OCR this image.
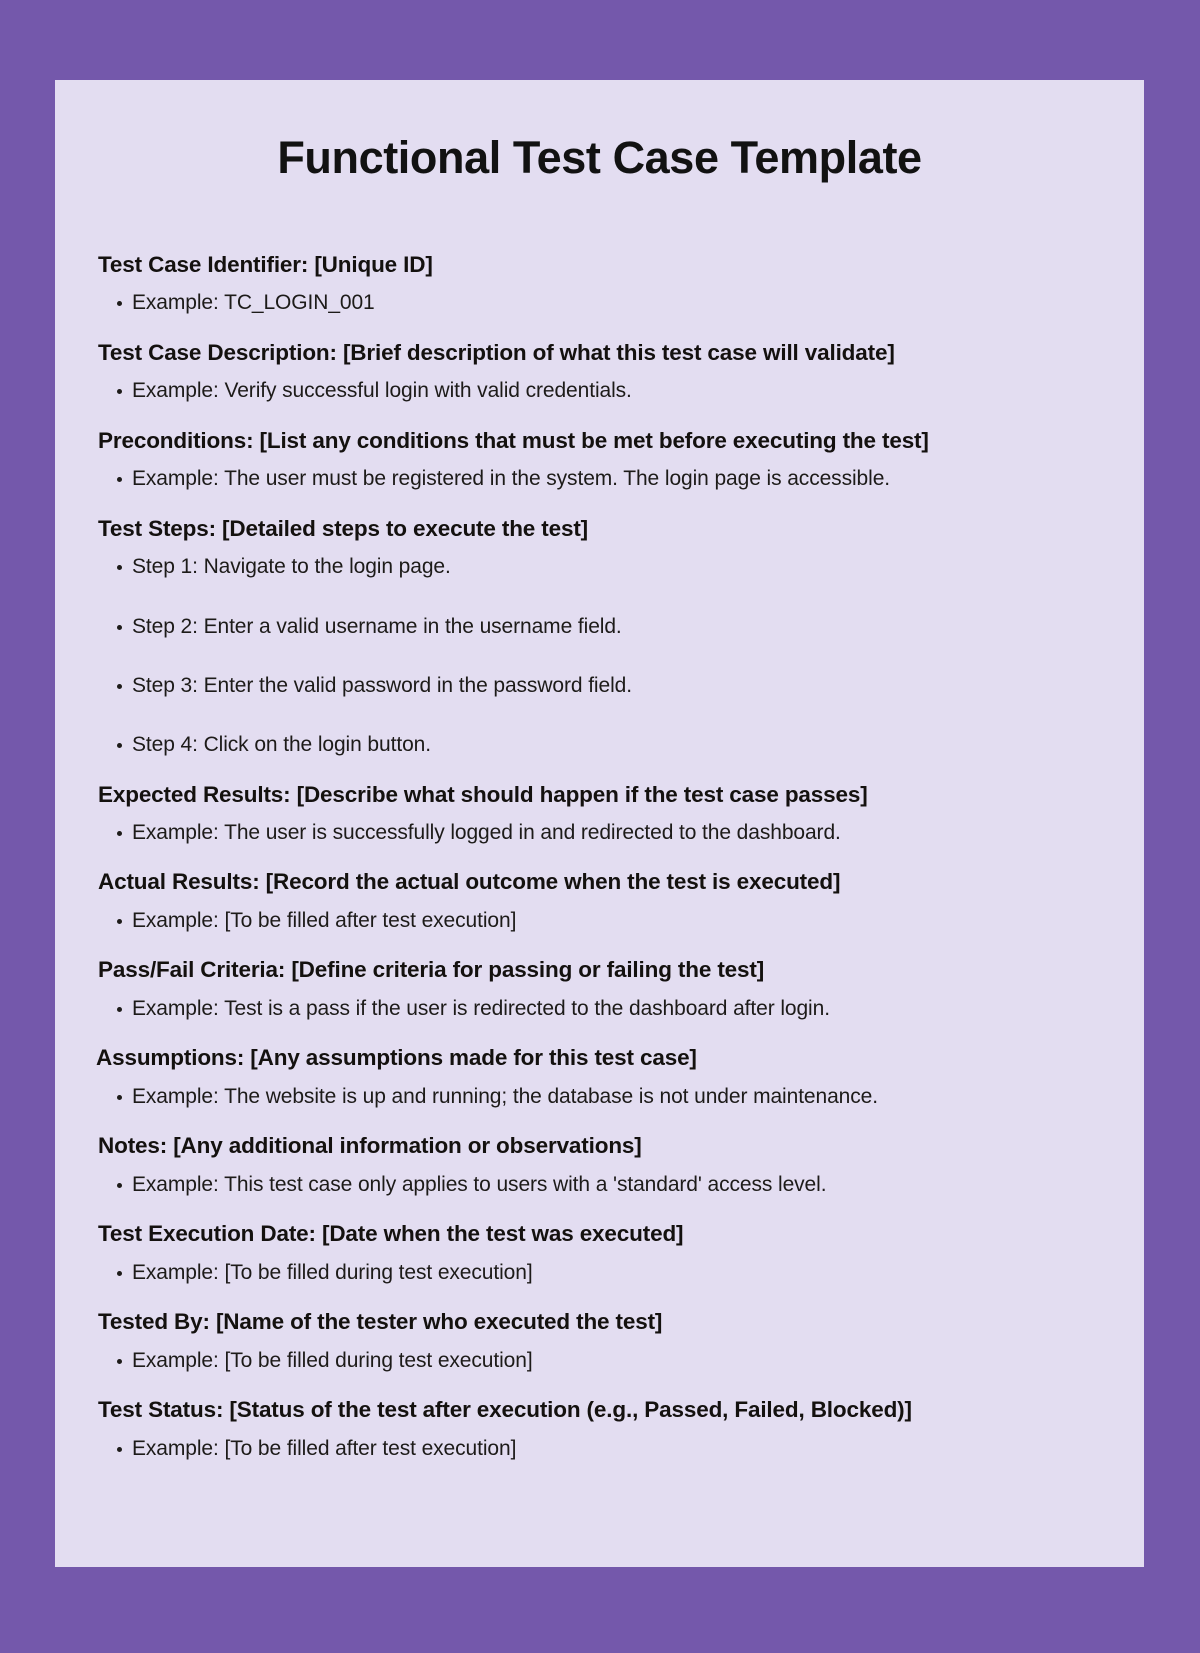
Functional Test Case Template
Test Case Identifier: [Unique ID]
Example: TC_LOGIN_001
Test Case Description: [Brief description of what this test case will validate]
Example: Verify successful login with valid credentials.
Preconditions: [List any conditions that must be met before executing the test]
Example: The user must be registered in the system. The login page is accessible.
Test Steps: [Detailed steps to execute the test]
Step 1: Navigate to the login page.
Step 2: Enter a valid username in the username field.
Step 3: Enter the valid password in the password field.
Step 4: Click on the login button.
Expected Results: [Describe what should happen if the test case passes]
Example: The user is successfully logged in and redirected to the dashboard.
Actual Results: [Record the actual outcome when the test is executed]
Example: [To be filled after test execution]
Pass/Fail Criteria: [Define criteria for passing or failing the test]
Example: Test is a pass if the user is redirected to the dashboard after login.
Assumptions: [Any assumptions made for this test case]
Example: The website is up and running; the database is not under maintenance.
Notes: [Any additional information or observations]
Example: This test case only applies to users with a 'standard' access level.
Test Execution Date: [Date when the test was executed]
Example: [To be filled during test execution]
Tested By: [Name of the tester who executed the test]
Example: [To be filled during test execution]
Test Status: [Status of the test after execution (e.g., Passed, Failed, Blocked)]
Example: [To be filled after test execution]
